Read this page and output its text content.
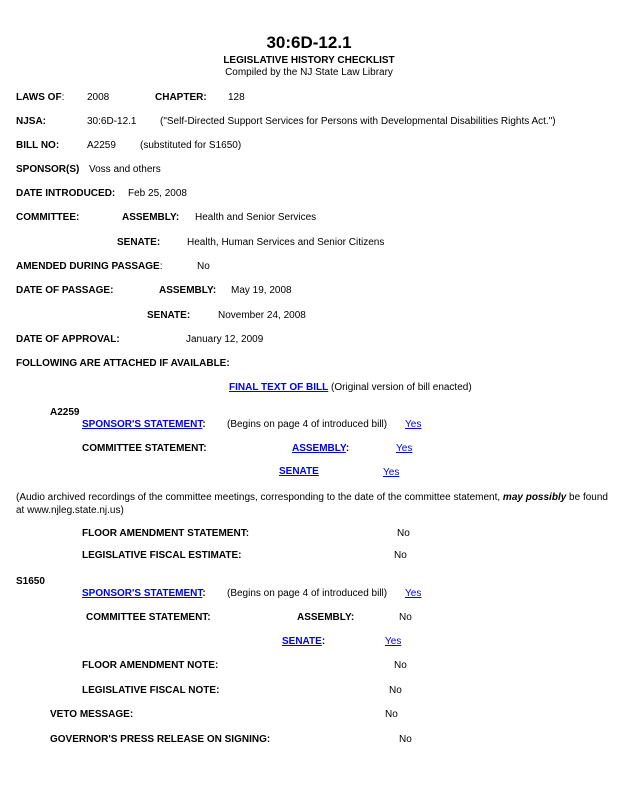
30:6D-12.1
LEGISLATIVE HISTORY CHECKLIST
Compiled by the NJ State Law Library
LAWS OF: 2008	CHAPTER: 128
NJSA:	30:6D-12.1 ("Self-Directed Support Services for Persons with Developmental Disabilities Rights Act.")
BILL NO:	A2259 (substituted for S1650)
SPONSOR(S) Voss and others
DATE INTRODUCED: Feb 25, 2008
COMMITTEE:	ASSEMBLY: Health and Senior Services
SENATE:	Health, Human Services and Senior Citizens
AMENDED DURING PASSAGE:	No
DATE OF PASSAGE:	ASSEMBLY: May 19, 2008
SENATE:	November 24, 2008
DATE OF APPROVAL:	January 12, 2009
FOLLOWING ARE ATTACHED IF AVAILABLE:
FINAL TEXT OF BILL (Original version of bill enacted)
A2259
SPONSOR'S STATEMENT: (Begins on page 4 of introduced bill) Yes
COMMITTEE STATEMENT:	ASSEMBLY:	Yes
SENATE	Yes
(Audio archived recordings of the committee meetings, corresponding to the date of the committee statement, may possibly be found at www.njleg.state.nj.us)
FLOOR AMENDMENT STATEMENT:	No
LEGISLATIVE FISCAL ESTIMATE:	No
S1650
SPONSOR'S STATEMENT: (Begins on page 4 of introduced bill) Yes
COMMITTEE STATEMENT:	ASSEMBLY:	No
SENATE:	Yes
FLOOR AMENDMENT NOTE:	No
LEGISLATIVE FISCAL NOTE:	No
VETO MESSAGE:	No
GOVERNOR'S PRESS RELEASE ON SIGNING:	No
